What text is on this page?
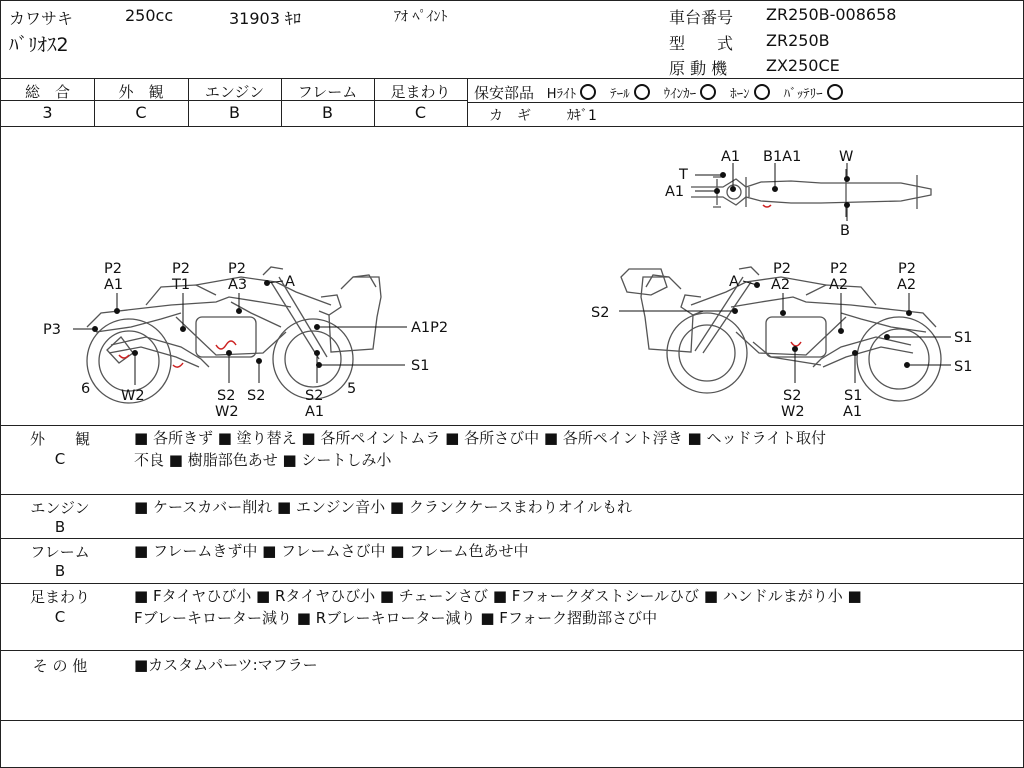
カワサキ	250cc	31903 ｷﾛ	ｱｵ ﾍﾟｲﾝﾄ
ﾊﾞﾘｵｽ2
車台番号 ZR250B-008658
型　　式 ZR250B
原 動 機 ZX250CE
総　合	外　観	エンジン	フレーム	足まわり
3	C	B	B	C
保安部品 Hﾗｲﾄ	ﾃｰﾙ	ｳｲﾝｶｰ	ﾎｰﾝ	ﾊﾞｯﾃﾘｰ
カ　ギ	ｶｷﾞ1
P2
A1
P2
T1
P2
A3	A
P3
6 W2	S2
W2
S2	S2
A1
5
A1P2
S1
A
P2
A2
P2
A2
P2
A2
S2
S1
S1
S2
W2
S1
A1
T
A1
A1
B1A1	W
B
外　　観
C
■ 各所きず ■ 塗り替え ■ 各所ペイントムラ ■ 各所さび中 ■ 各所ペイント浮き ■ ヘッドライト取付
不良 ■ 樹脂部色あせ ■ シートしみ小
エンジン
B
■ ケースカバー削れ ■ エンジン音小 ■ クランクケースまわりオイルもれ
フレーム
B
■ フレームきず中 ■ フレームさび中 ■ フレーム色あせ中
足まわり
C
■ Fタイヤひび小 ■ Rタイヤひび小 ■ チェーンさび ■ Fフォークダストシールひび ■ ハンドルまがり小 ■
Fブレーキローター減り ■ Rブレーキローター減り ■ Fフォーク摺動部さび中
そ の 他	■カスタムパーツ:マフラー
